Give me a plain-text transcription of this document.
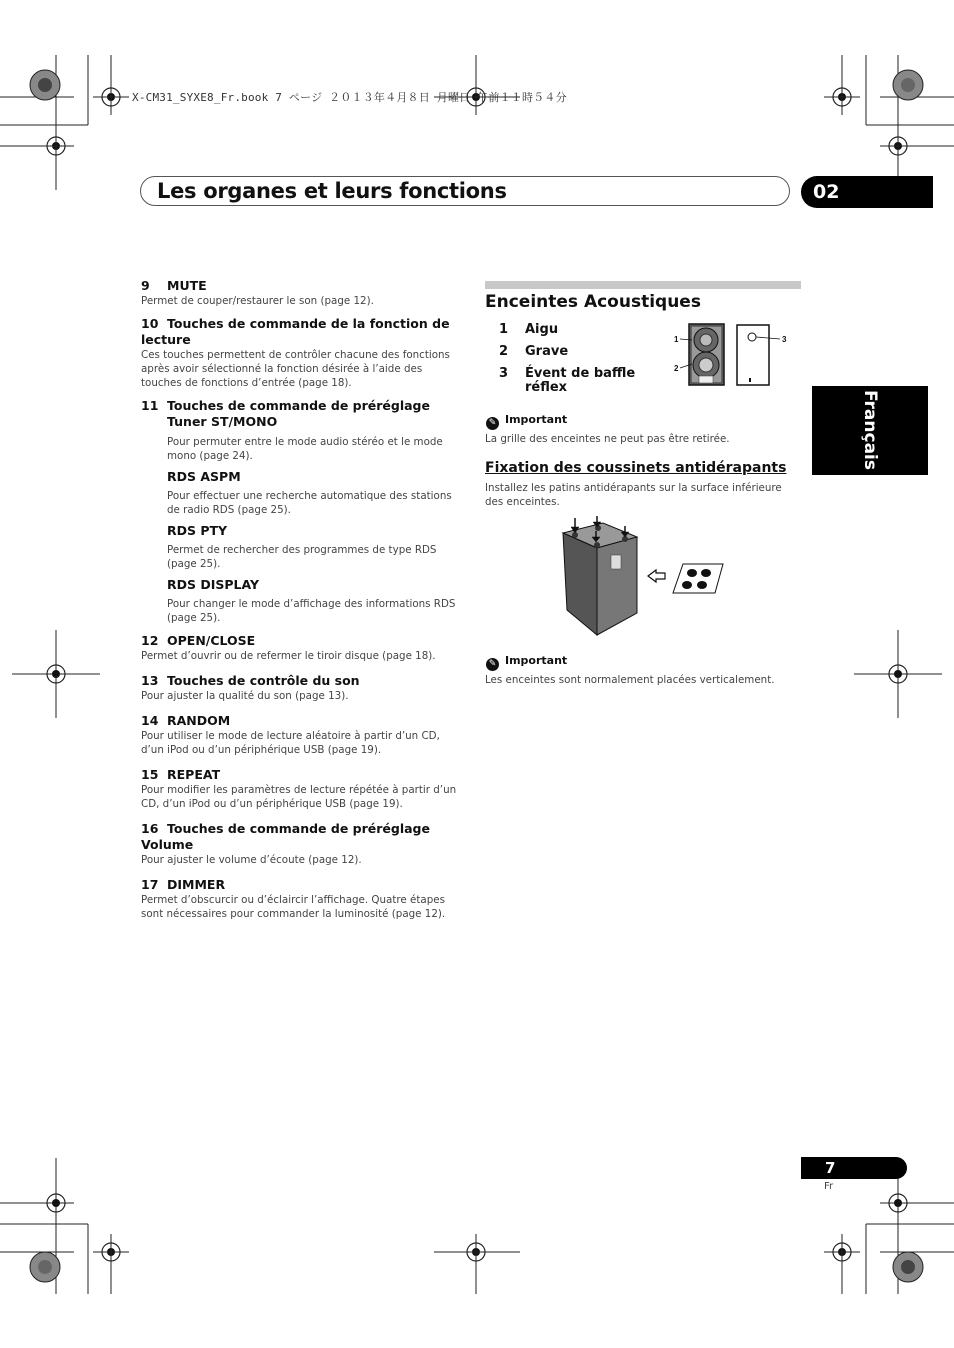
X-CM31_SYXE8_Fr.book 7 ページ ２０１３年４月８日 月曜日 午前１１時５４分
Les organes et leurs fonctions	02
Français
9 MUTE
Permet de couper/restaurer le son (page 12).
10 Touches de commande de la fonction de lecture
Ces touches permettent de contrôler chacune des fonctions après avoir sélectionné la fonction désirée à l’aide des touches de fonctions d’entrée (page 18).
11 Touches de commande de préréglage Tuner ST/MONO
Pour permuter entre le mode audio stéréo et le mode mono (page 24).
RDS ASPM
Pour effectuer une recherche automatique des stations de radio RDS (page 25).
RDS PTY
Permet de rechercher des programmes de type RDS (page 25).
RDS DISPLAY
Pour changer le mode d’affichage des informations RDS (page 25).
12 OPEN/CLOSE
Permet d’ouvrir ou de refermer le tiroir disque (page 18).
13 Touches de contrôle du son
Pour ajuster la qualité du son (page 13).
14 RANDOM
Pour utiliser le mode de lecture aléatoire à partir d’un CD, d’un iPod ou d’un périphérique USB (page 19).
15 REPEAT
Pour modifier les paramètres de lecture répétée à partir d’un CD, d’un iPod ou d’un périphérique USB (page 19).
16 Touches de commande de préréglage Volume
Pour ajuster le volume d’écoute (page 12).
17 DIMMER
Permet d’obscurcir ou d’éclaircir l’affichage. Quatre étapes sont nécessaires pour commander la luminosité (page 12).
Enceintes Acoustiques
1 Aigu
2 Grave
3 Évent de baffle réflex
1
2
3
✎ Important
La grille des enceintes ne peut pas être retirée.
Fixation des coussinets antidérapants
Installez les patins antidérapants sur la surface inférieure des enceintes.
✎ Important
Les enceintes sont normalement placées verticalement.
7
Fr
